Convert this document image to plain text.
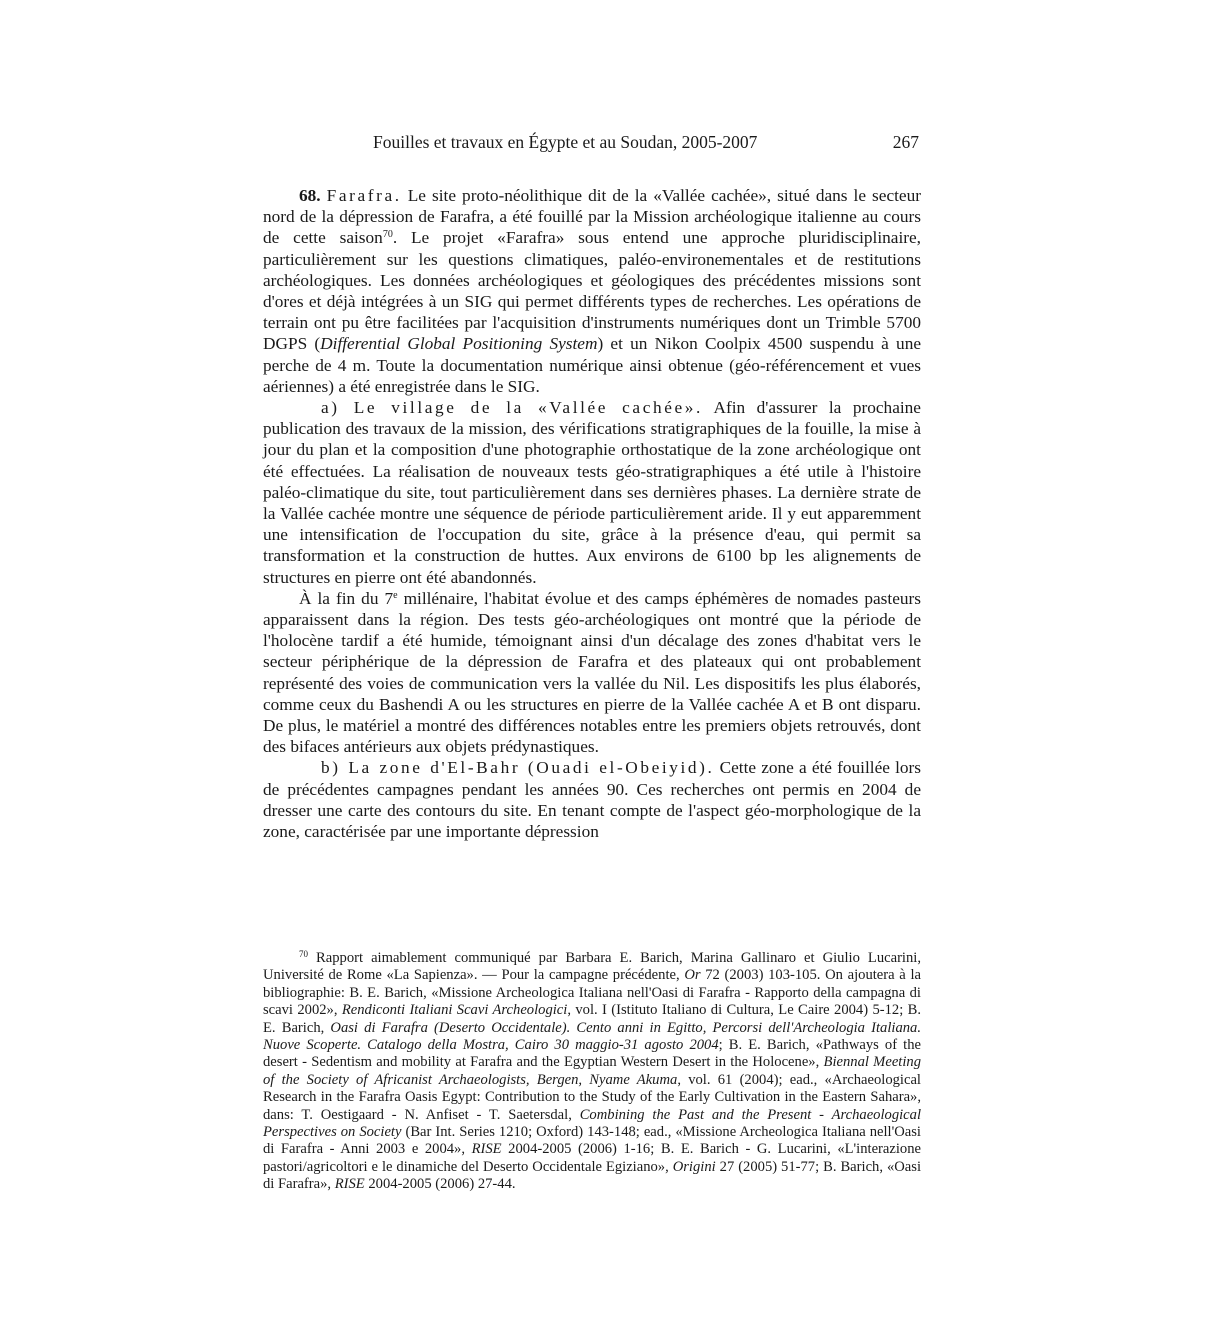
Fouilles et travaux en Égypte et au Soudan, 2005-2007	267

68. Farafra. Le site proto-néolithique dit de la «Vallée cachée», situé dans le secteur nord de la dépression de Farafra, a été fouillé par la Mission archéologique italienne au cours de cette saison$^{70}$. Le projet «Farafra» sous entend une approche pluridisciplinaire, particulièrement sur les questions climatiques, paléo-environementales et de restitutions archéologiques. Les données archéologiques et géologiques des précédentes missions sont d'ores et déjà intégrées à un SIG qui permet différents types de recherches. Les opérations de terrain ont pu être facilitées par l'acquisition d'instruments numériques dont un Trimble 5700 DGPS (Differential Global Positioning System) et un Nikon Coolpix 4500 suspendu à une perche de 4 m. Toute la documentation numérique ainsi obtenue (géo-référencement et vues aériennes) a été enregistrée dans le SIG.

a) Le village de la «Vallée cachée». Afin d'assurer la prochaine publication des travaux de la mission, des vérifications stratigraphiques de la fouille, la mise à jour du plan et la composition d'une photographie orthostatique de la zone archéologique ont été effectuées. La réalisation de nouveaux tests géo-stratigraphiques a été utile à l'histoire paléo-climatique du site, tout particulièrement dans ses dernières phases. La dernière strate de la Vallée cachée montre une séquence de période particulièrement aride. Il y eut apparemment une intensification de l'occupation du site, grâce à la présence d'eau, qui permit sa transformation et la construction de huttes. Aux environs de 6100 bp les alignements de structures en pierre ont été abandonnés.

À la fin du 7e millénaire, l'habitat évolue et des camps éphémères de nomades pasteurs apparaissent dans la région. Des tests géo-archéologiques ont montré que la période de l'holocène tardif a été humide, témoignant ainsi d'un décalage des zones d'habitat vers le secteur périphérique de la dépression de Farafra et des plateaux qui ont probablement représenté des voies de communication vers la vallée du Nil. Les dispositifs les plus élaborés, comme ceux du Bashendi A ou les structures en pierre de la Vallée cachée A et B ont disparu. De plus, le matériel a montré des différences notables entre les premiers objets retrouvés, dont des bifaces antérieurs aux objets prédynastiques.

b) La zone d'El-Bahr (Ouadi el-Obeiyid). Cette zone a été fouillée lors de précédentes campagnes pendant les années 90. Ces recherches ont permis en 2004 de dresser une carte des contours du site. En tenant compte de l'aspect géo-morphologique de la zone, caractérisée par une importante dépression

$^{70}$ Rapport aimablement communiqué par Barbara E. Barich, Marina Gallinaro et Giulio Lucarini, Université de Rome «La Sapienza». — Pour la campagne précédente, Or 72 (2003) 103-105. On ajoutera à la bibliographie: B. E. Barich, «Missione Archeologica Italiana nell'Oasi di Farafra - Rapporto della campagna di scavi 2002», Rendiconti Italiani Scavi Archeologici, vol. I (Istituto Italiano di Cultura, Le Caire 2004) 5-12; B. E. Barich, Oasi di Farafra (Deserto Occidentale). Cento anni in Egitto, Percorsi dell'Archeologia Italiana. Nuove Scoperte. Catalogo della Mostra, Cairo 30 maggio-31 agosto 2004; B. E. Barich, «Pathways of the desert - Sedentism and mobility at Farafra and the Egyptian Western Desert in the Holocene», Biennal Meeting of the Society of Africanist Archaeologists, Bergen, Nyame Akuma, vol. 61 (2004); ead., «Archaeological Research in the Farafra Oasis Egypt: Contribution to the Study of the Early Cultivation in the Eastern Sahara», dans: T. Oestigaard - N. Anfiset - T. Saetersdal, Combining the Past and the Present - Archaeological Perspectives on Society (Bar Int. Series 1210; Oxford) 143-148; ead., «Missione Archeologica Italiana nell'Oasi di Farafra - Anni 2003 e 2004», RISE 2004-2005 (2006) 1-16; B. E. Barich - G. Lucarini, «L'interazione pastori/agricoltori e le dinamiche del Deserto Occidentale Egiziano», Origini 27 (2005) 51-77; B. Barich, «Oasi di Farafra», RISE 2004-2005 (2006) 27-44.
